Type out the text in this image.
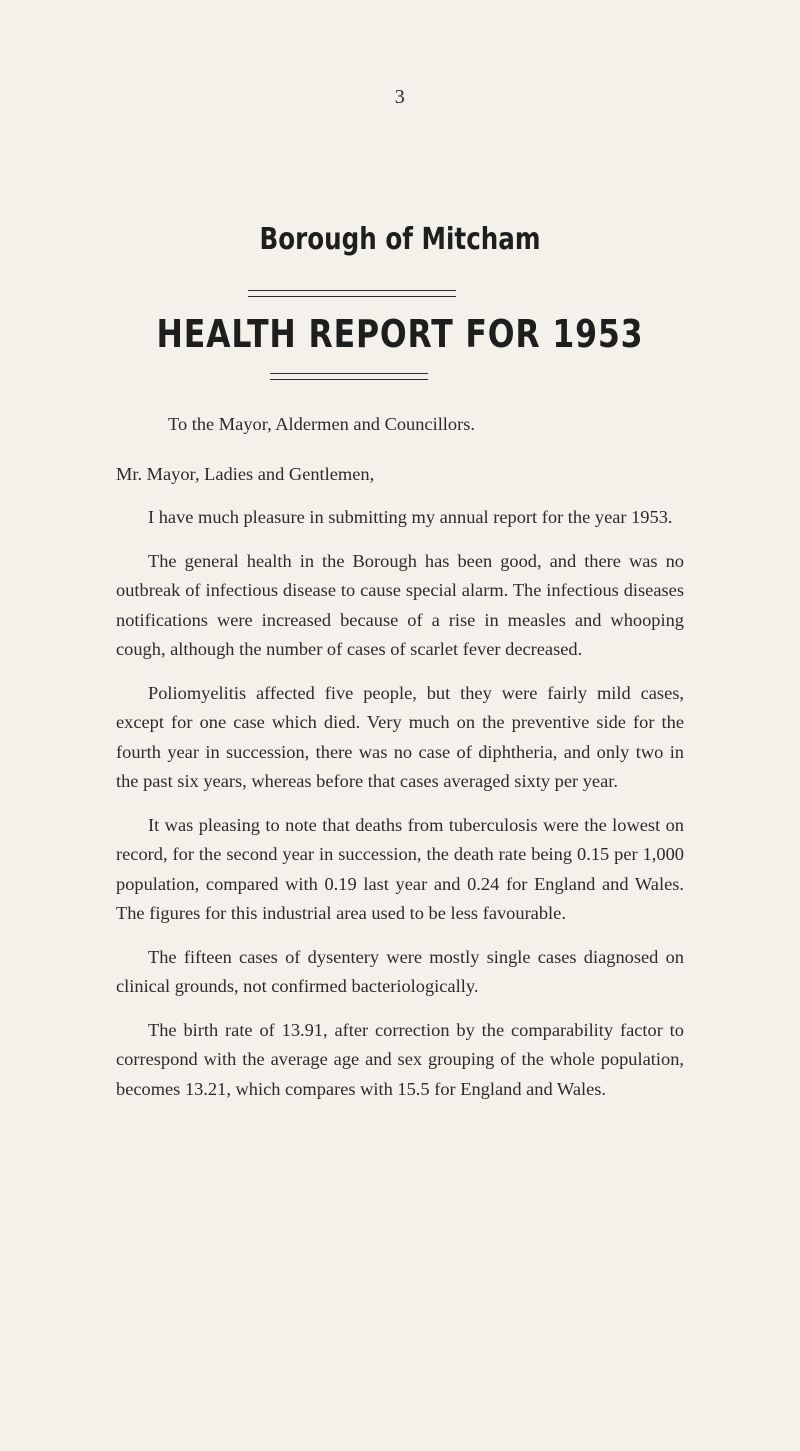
3
Borough of Mitcham
HEALTH REPORT FOR 1953

To the Mayor, Aldermen and Councillors.

Mr. Mayor, Ladies and Gentlemen,

I have much pleasure in submitting my annual report for the year 1953.

The general health in the Borough has been good, and there was no outbreak of infectious disease to cause special alarm. The infectious diseases notifications were increased because of a rise in measles and whooping cough, although the number of cases of scarlet fever decreased.

Poliomyelitis affected five people, but they were fairly mild cases, except for one case which died. Very much on the preventive side for the fourth year in succession, there was no case of diphtheria, and only two in the past six years, whereas before that cases averaged sixty per year.

It was pleasing to note that deaths from tuberculosis were the lowest on record, for the second year in succession, the death rate being 0.15 per 1,000 population, compared with 0.19 last year and 0.24 for England and Wales. The figures for this industrial area used to be less favourable.

The fifteen cases of dysentery were mostly single cases diagnosed on clinical grounds, not confirmed bacteriologically.

The birth rate of 13.91, after correction by the comparability factor to correspond with the average age and sex grouping of the whole population, becomes 13.21, which compares with 15.5 for England and Wales.
